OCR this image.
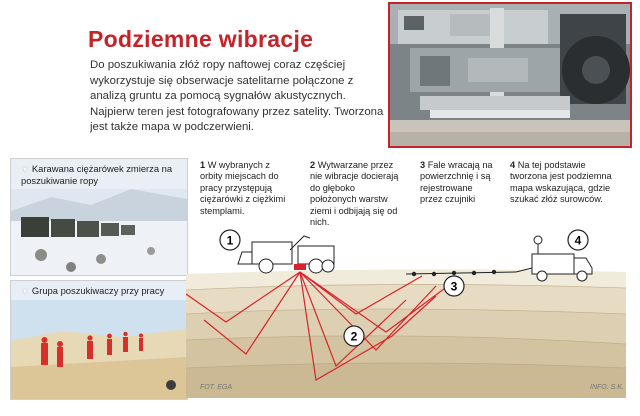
Podziemne wibracje
Do poszukiwania złóż ropy naftowej coraz częściej wykorzystuje się obserwacje satelitarne połączone z analizą gruntu za pomocą sygnałów akustycznych. Najpierw teren jest fotografowany przez satelity. Tworzona jest także mapa w podczerwieni.
▼ Karawana ciężarówek zmierza na poszukiwanie ropy
▼ Grupa poszukiwaczy przy pracy
1 W wybranych z orbity miejscach do pracy przystępują ciężarówki z ciężkimi stemplami.
2 Wytwarzane przez nie wibracje docierają do głęboko położonych warstw ziemi i odbijają się od nich.
3 Fale wracają na powierzchnię i są rejestrowane przez czujniki
4 Na tej podstawie tworzona jest podziemna mapa wskazująca, gdzie szukać złóż surowców.
1
2
3
4
FOT. EGA	INFO. S.K.
